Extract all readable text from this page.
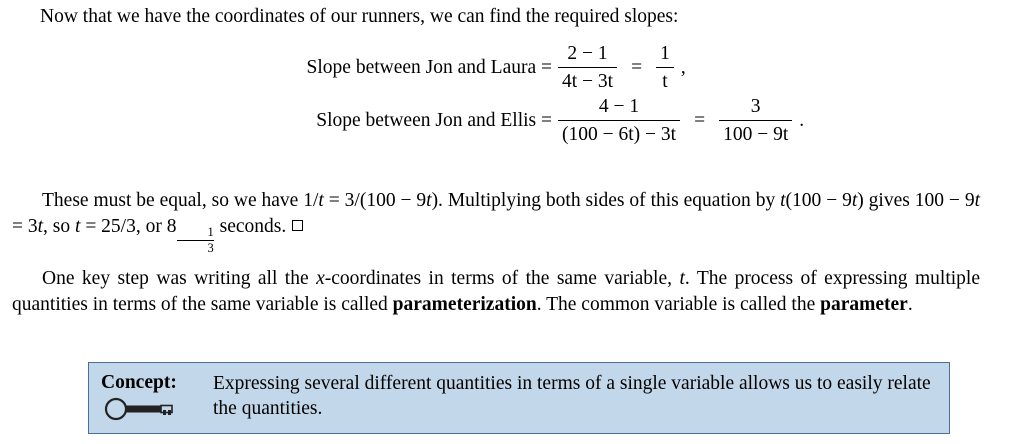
Now that we have the coordinates of our runners, we can find the required slopes:
Slope between Jon and Laura = $\frac{2 - 1}{4t - 3t} = \frac{1}{t}$ ,
Slope between Jon and Ellis = $\frac{4 - 1}{(100 - 6t) - 3t} = \frac{3}{100 - 9t}$ .
These must be equal, so we have 1/t = 3/(100 − 9t). Multiplying both sides of this equation by t(100 − 9t) gives 100 − 9t = 3t, so t = 25/3, or $8 \frac{1}{3}$ seconds.
One key step was writing all the x-coordinates in terms of the same variable, t. The process of expressing multiple quantities in terms of the same variable is called parameterization. The common variable is called the parameter.
Concept:	Expressing several different quantities in terms of a single variable allows us to easily relate the quantities.
